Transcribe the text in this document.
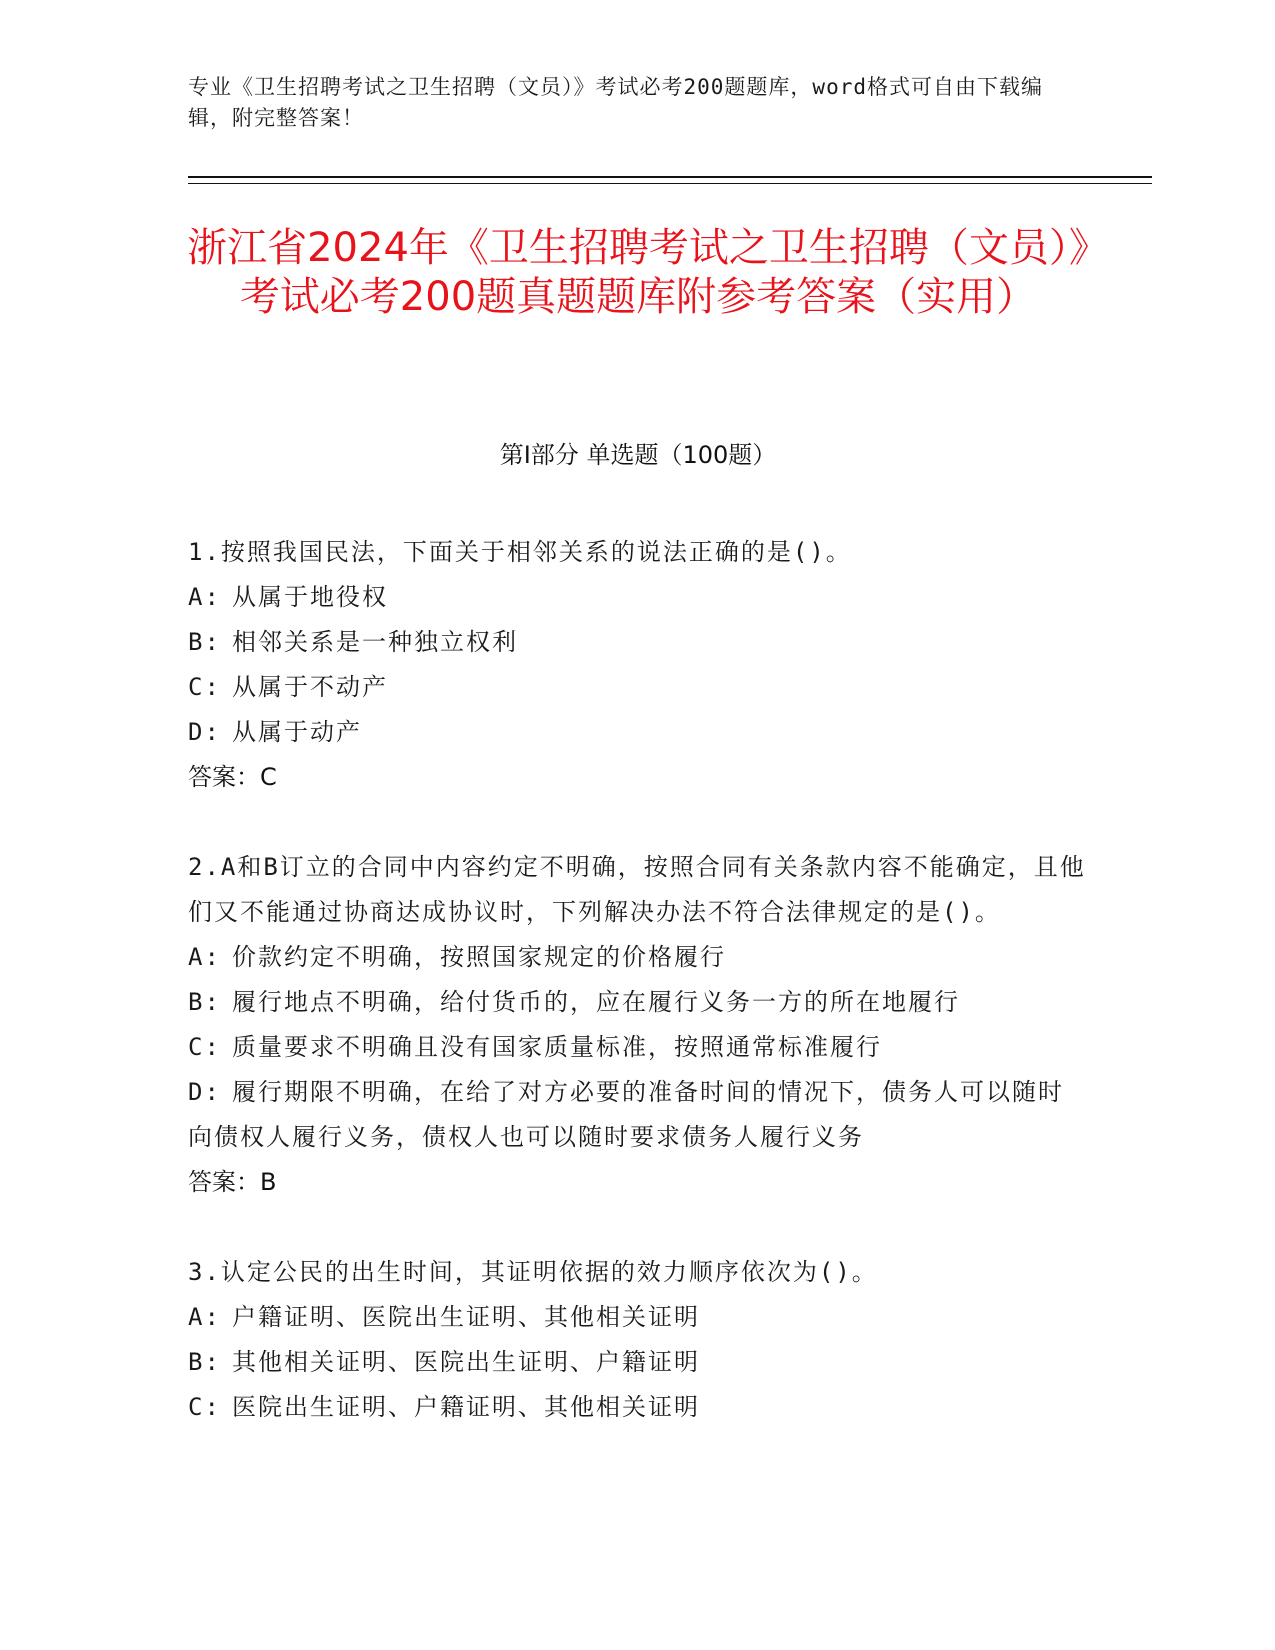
专业《卫生招聘考试之卫生招聘（文员）》考试必考200题题库，word格式可自由下载编辑，附完整答案！
浙江省2024年《卫生招聘考试之卫生招聘（文员）》考试必考200题真题题库附参考答案（实用）
第I部分 单选题（100题）
1.按照我国民法，下面关于相邻关系的说法正确的是()。
A: 从属于地役权
B: 相邻关系是一种独立权利
C: 从属于不动产
D: 从属于动产
答案：C
2.A和B订立的合同中内容约定不明确，按照合同有关条款内容不能确定，且他们又不能通过协商达成协议时，下列解决办法不符合法律规定的是()。
A: 价款约定不明确，按照国家规定的价格履行
B: 履行地点不明确，给付货币的，应在履行义务一方的所在地履行
C: 质量要求不明确且没有国家质量标准，按照通常标准履行
D: 履行期限不明确，在给了对方必要的准备时间的情况下，债务人可以随时向债权人履行义务，债权人也可以随时要求债务人履行义务
答案：B
3.认定公民的出生时间，其证明依据的效力顺序依次为()。
A: 户籍证明、医院出生证明、其他相关证明
B: 其他相关证明、医院出生证明、户籍证明
C: 医院出生证明、户籍证明、其他相关证明
